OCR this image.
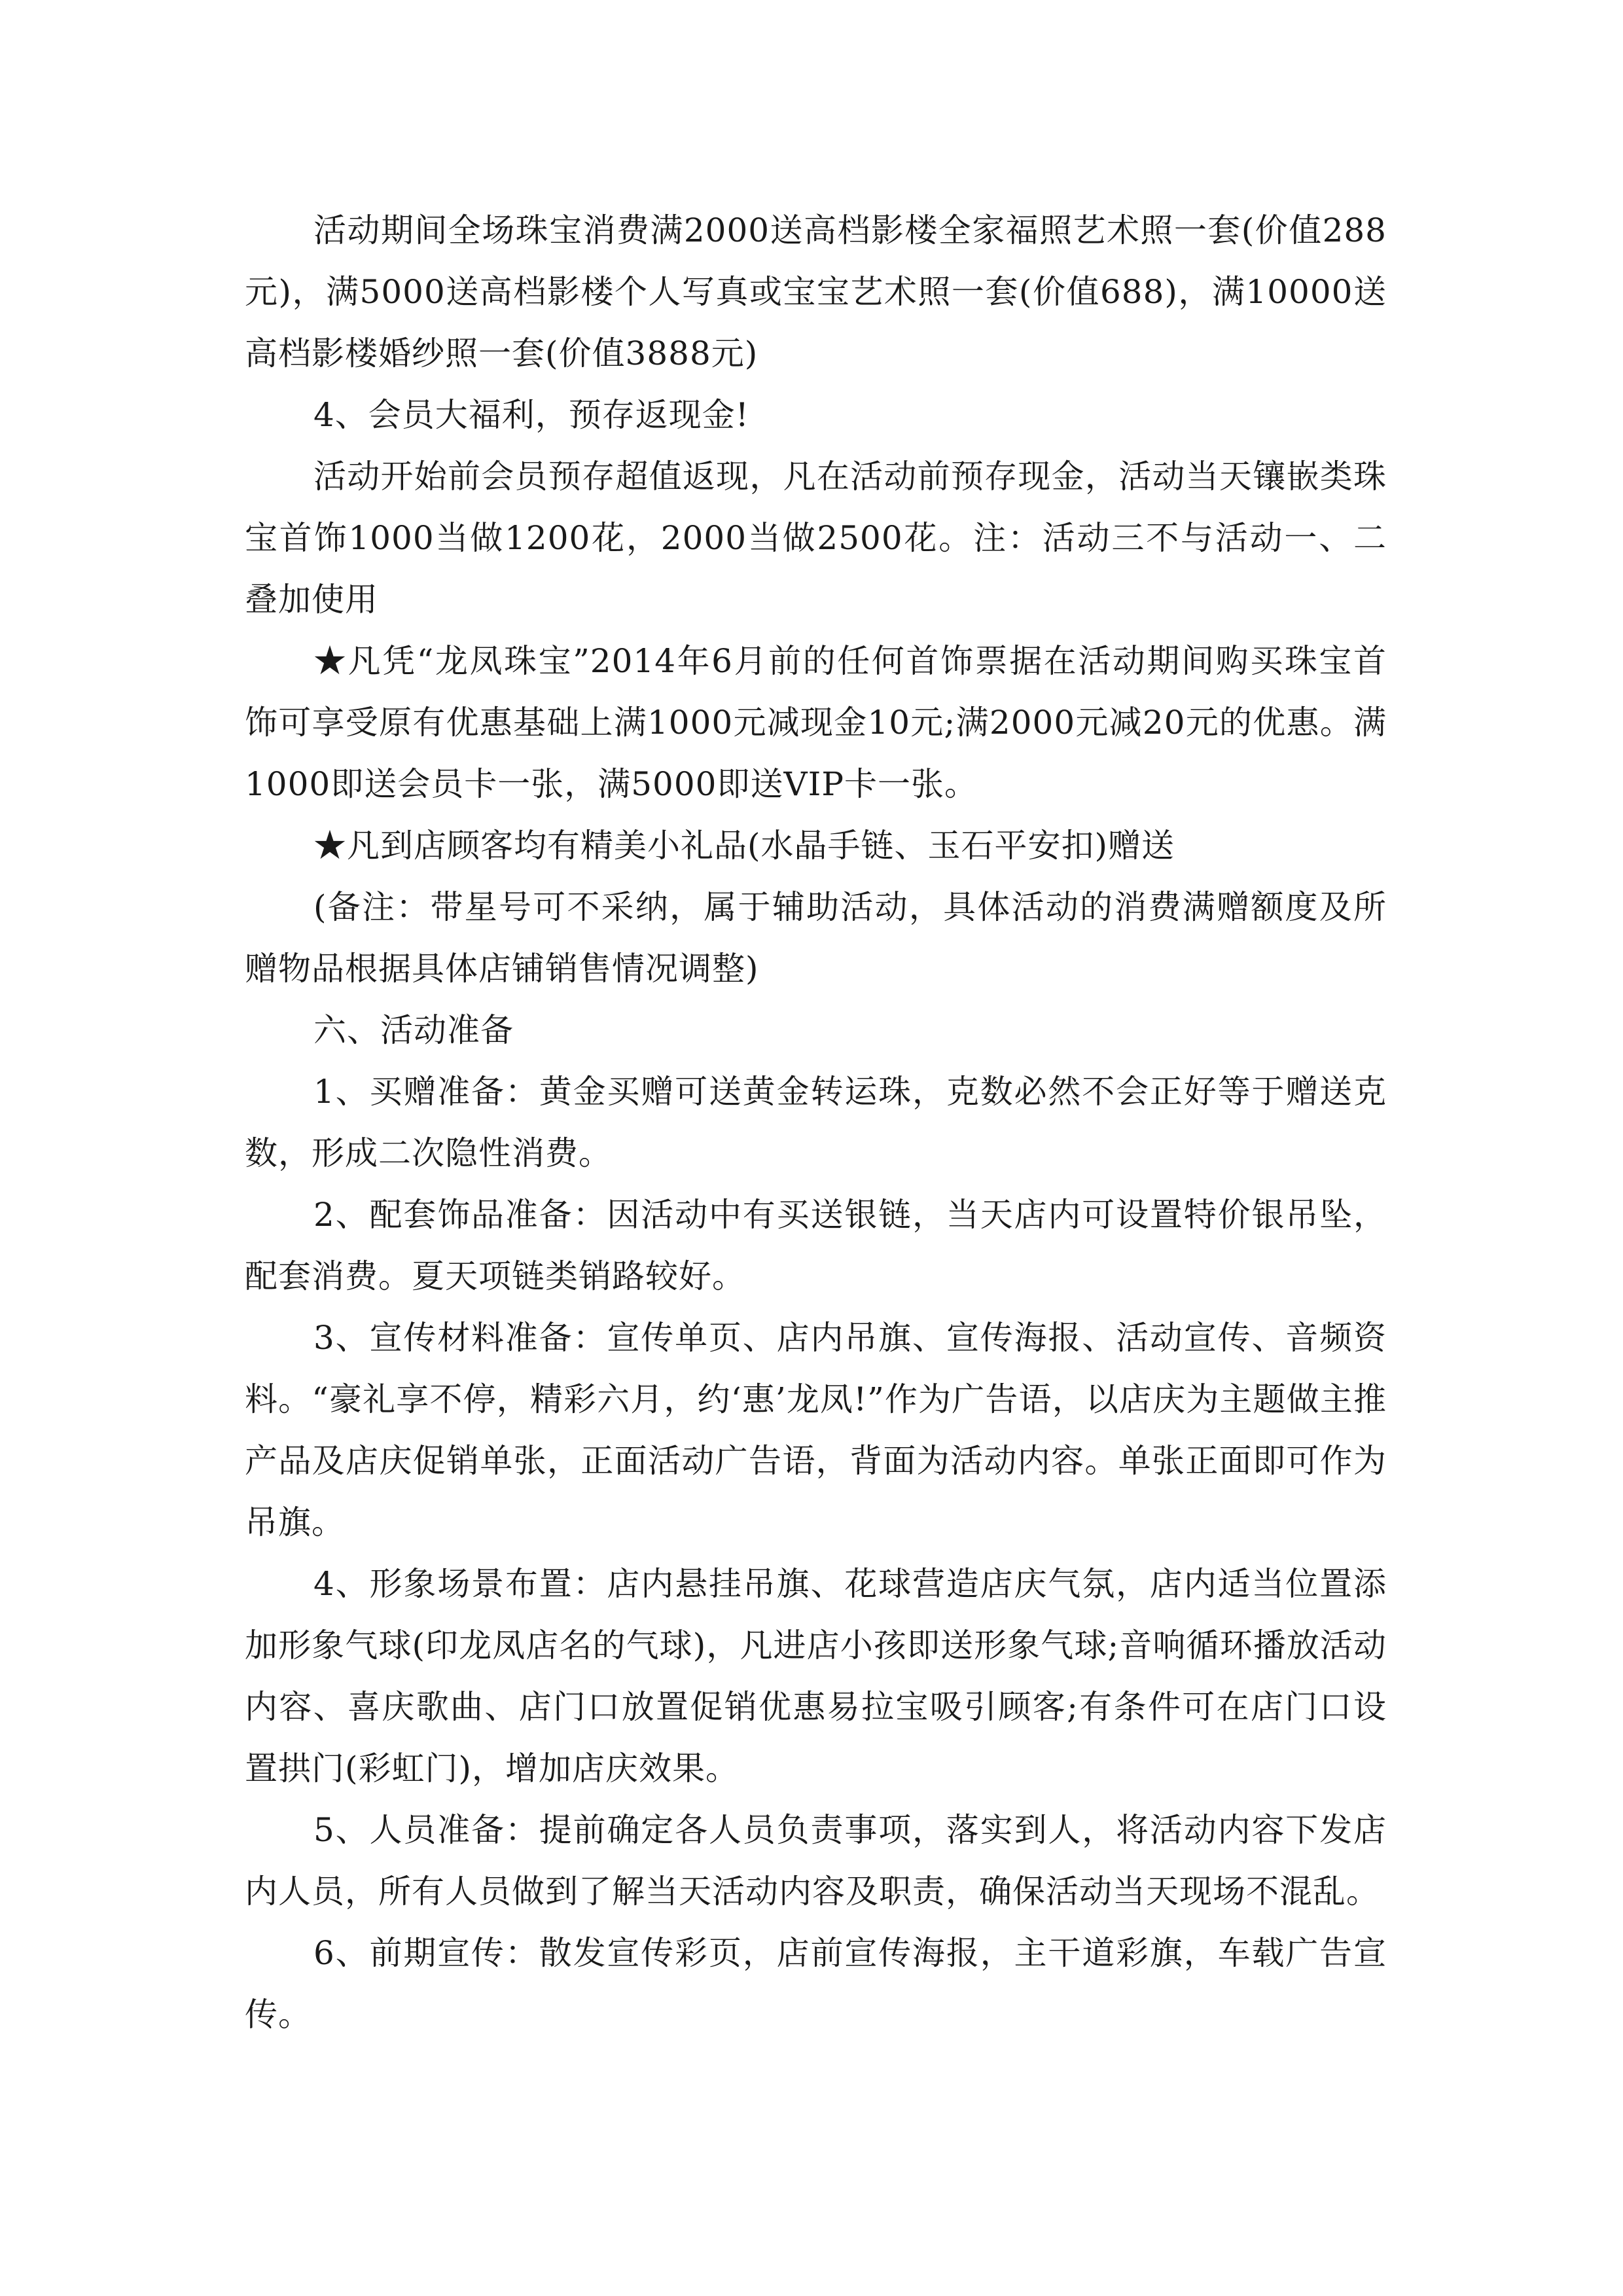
活动期间全场珠宝消费满2000送高档影楼全家福照艺术照一套(价值288元)，满5000送高档影楼个人写真或宝宝艺术照一套(价值688)，满10000送高档影楼婚纱照一套(价值3888元)

4、会员大福利，预存返现金!

活动开始前会员预存超值返现，凡在活动前预存现金，活动当天镶嵌类珠宝首饰1000当做1200花，2000当做2500花。注：活动三不与活动一、二叠加使用

★凡凭“龙凤珠宝”2014年6月前的任何首饰票据在活动期间购买珠宝首饰可享受原有优惠基础上满1000元减现金10元;满2000元减20元的优惠。满1000即送会员卡一张，满5000即送VIP卡一张。

★凡到店顾客均有精美小礼品(水晶手链、玉石平安扣)赠送

(备注：带星号可不采纳，属于辅助活动，具体活动的消费满赠额度及所赠物品根据具体店铺销售情况调整)

六、活动准备

1、买赠准备：黄金买赠可送黄金转运珠，克数必然不会正好等于赠送克数，形成二次隐性消费。

2、配套饰品准备：因活动中有买送银链，当天店内可设置特价银吊坠，配套消费。夏天项链类销路较好。

3、宣传材料准备：宣传单页、店内吊旗、宣传海报、活动宣传、音频资料。“豪礼享不停，精彩六月，约‘惠’龙凤!”作为广告语，以店庆为主题做主推产品及店庆促销单张，正面活动广告语，背面为活动内容。单张正面即可作为吊旗。

4、形象场景布置：店内悬挂吊旗、花球营造店庆气氛，店内适当位置添加形象气球(印龙凤店名的气球)，凡进店小孩即送形象气球;音响循环播放活动内容、喜庆歌曲、店门口放置促销优惠易拉宝吸引顾客;有条件可在店门口设置拱门(彩虹门)，增加店庆效果。

5、人员准备：提前确定各人员负责事项，落实到人，将活动内容下发店内人员，所有人员做到了解当天活动内容及职责，确保活动当天现场不混乱。

6、前期宣传：散发宣传彩页，店前宣传海报，主干道彩旗，车载广告宣传。
